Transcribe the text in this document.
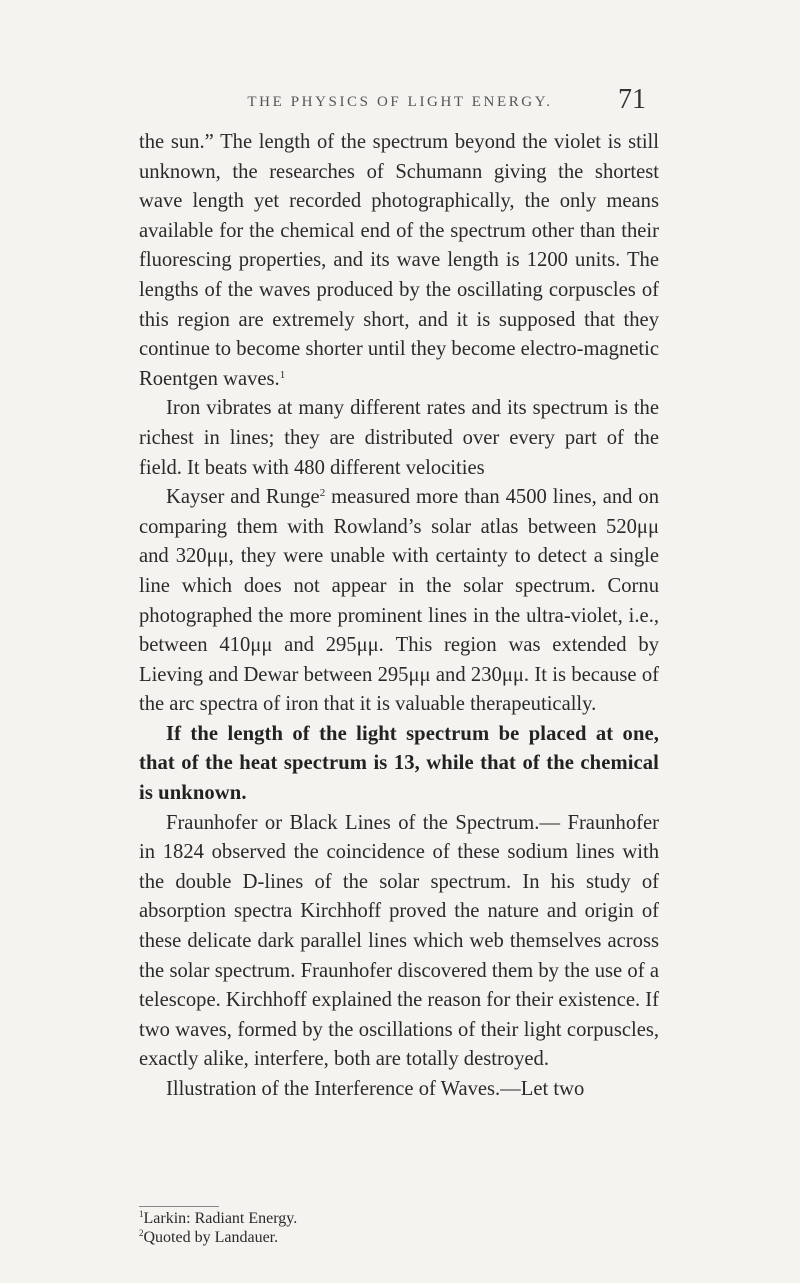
THE PHYSICS OF LIGHT ENERGY.	71

the sun.” The length of the spectrum beyond the violet is still unknown, the researches of Schumann giving the shortest wave length yet recorded photographically, the only means available for the chemical end of the spectrum other than their fluorescing properties, and its wave length is 1200 units. The lengths of the waves produced by the oscillating corpuscles of this region are extremely short, and it is supposed that they continue to become shorter until they become electro-magnetic Roentgen waves.$^1$

Iron vibrates at many different rates and its spectrum is the richest in lines; they are distributed over every part of the field. It beats with 480 different velocities

Kayser and Runge$^2$ measured more than 4500 lines, and on comparing them with Rowland’s solar atlas between 520μμ and 320μμ, they were unable with certainty to detect a single line which does not appear in the solar spectrum. Cornu photographed the more prominent lines in the ultra-violet, i.e., between 410μμ and 295μμ. This region was extended by Lieving and Dewar between 295μμ and 230μμ. It is because of the arc spectra of iron that it is valuable therapeutically.

If the length of the light spectrum be placed at one, that of the heat spectrum is 13, while that of the chemical is unknown.

Fraunhofer or Black Lines of the Spectrum.— Fraunhofer in 1824 observed the coincidence of these sodium lines with the double D-lines of the solar spectrum. In his study of absorption spectra Kirchhoff proved the nature and origin of these delicate dark parallel lines which web themselves across the solar spectrum. Fraunhofer discovered them by the use of a telescope. Kirchhoff explained the reason for their existence. If two waves, formed by the oscillations of their light corpuscles, exactly alike, interfere, both are totally destroyed.

Illustration of the Interference of Waves.—Let two

$^1$Larkin: Radiant Energy.
$^2$Quoted by Landauer.
